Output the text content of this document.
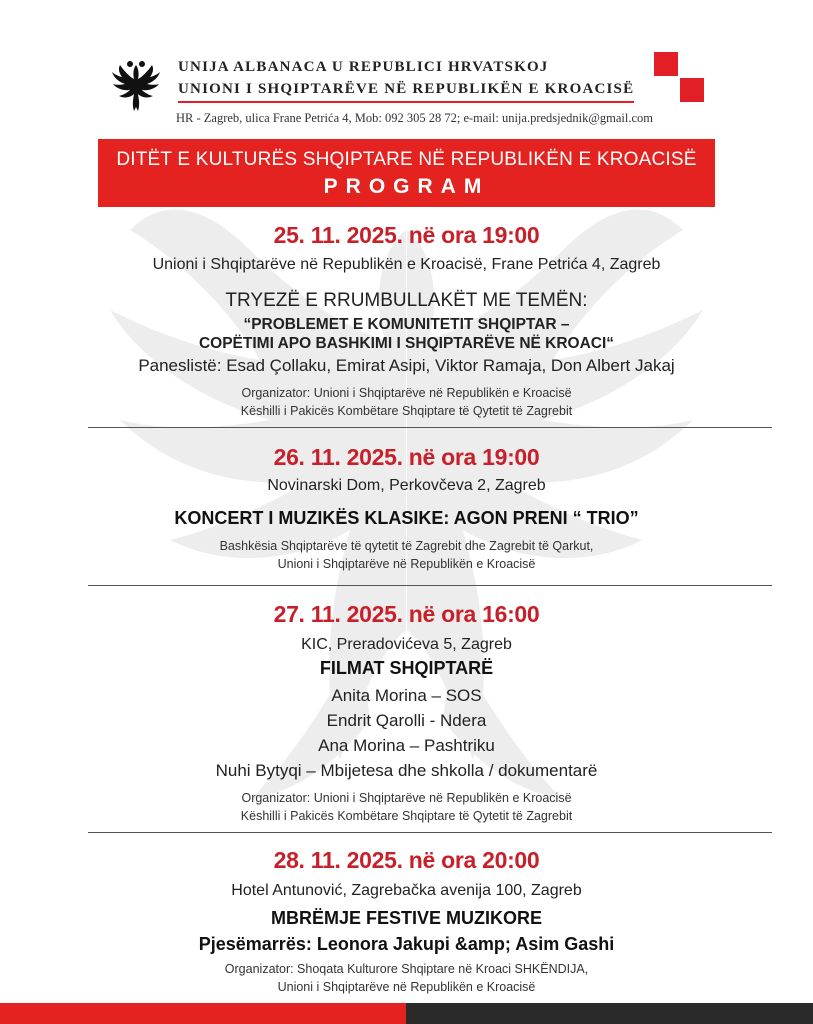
UNIJA ALBANACA U REPUBLICI HRVATSKOJ
UNIONI I SHQIPTARËVE NË REPUBLIKËN E KROACISË
HR - Zagreb, ulica Frane Petrića 4, Mob: 092 305 28 72; e-mail: unija.predsjednik@gmail.com
DITËT E KULTURËS SHQIPTARE NË REPUBLIKËN E KROACISË
PROGRAM
25. 11. 2025. në ora 19:00
Unioni i Shqiptarëve në Republikën e Kroacisë, Frane Petrića 4, Zagreb
TRYEZË E RRUMBULLAKËT ME TEMËN:
“PROBLEMET E KOMUNITETIT SHQIPTAR –
COPËTIMI APO BASHKIMI I SHQIPTARËVE NË KROACI“
Paneslistë: Esad Çollaku, Emirat Asipi, Viktor Ramaja, Don Albert Jakaj
Organizator: Unioni i Shqiptarëve në Republikën e Kroacisë
Këshilli i Pakicës Kombëtare Shqiptare të Qytetit të Zagrebit
26. 11. 2025. në ora 19:00
Novinarski Dom, Perkovčeva 2, Zagreb
KONCERT I MUZIKËS KLASIKE: AGON PRENI “ TRIO”
Bashkësia Shqiptarëve të qytetit të Zagrebit dhe Zagrebit të Qarkut,
Unioni i Shqiptarëve në Republikën e Kroacisë
27. 11. 2025. në ora 16:00
KIC, Preradovićeva 5, Zagreb
FILMAT SHQIPTARË
Anita Morina – SOS
Endrit Qarolli - Ndera
Ana Morina – Pashtriku
Nuhi Bytyqi – Mbijetesa dhe shkolla / dokumentarë
Organizator: Unioni i Shqiptarëve në Republikën e Kroacisë
Këshilli i Pakicës Kombëtare Shqiptare të Qytetit të Zagrebit
28. 11. 2025. në ora 20:00
Hotel Antunović, Zagrebačka avenija 100, Zagreb
MBRËMJE FESTIVE MUZIKORE
Pjesëmarrës: Leonora Jakupi &amp; Asim Gashi
Organizator: Shoqata Kulturore Shqiptare në Kroaci SHKËNDIJA,
Unioni i Shqiptarëve në Republikën e Kroacisë
